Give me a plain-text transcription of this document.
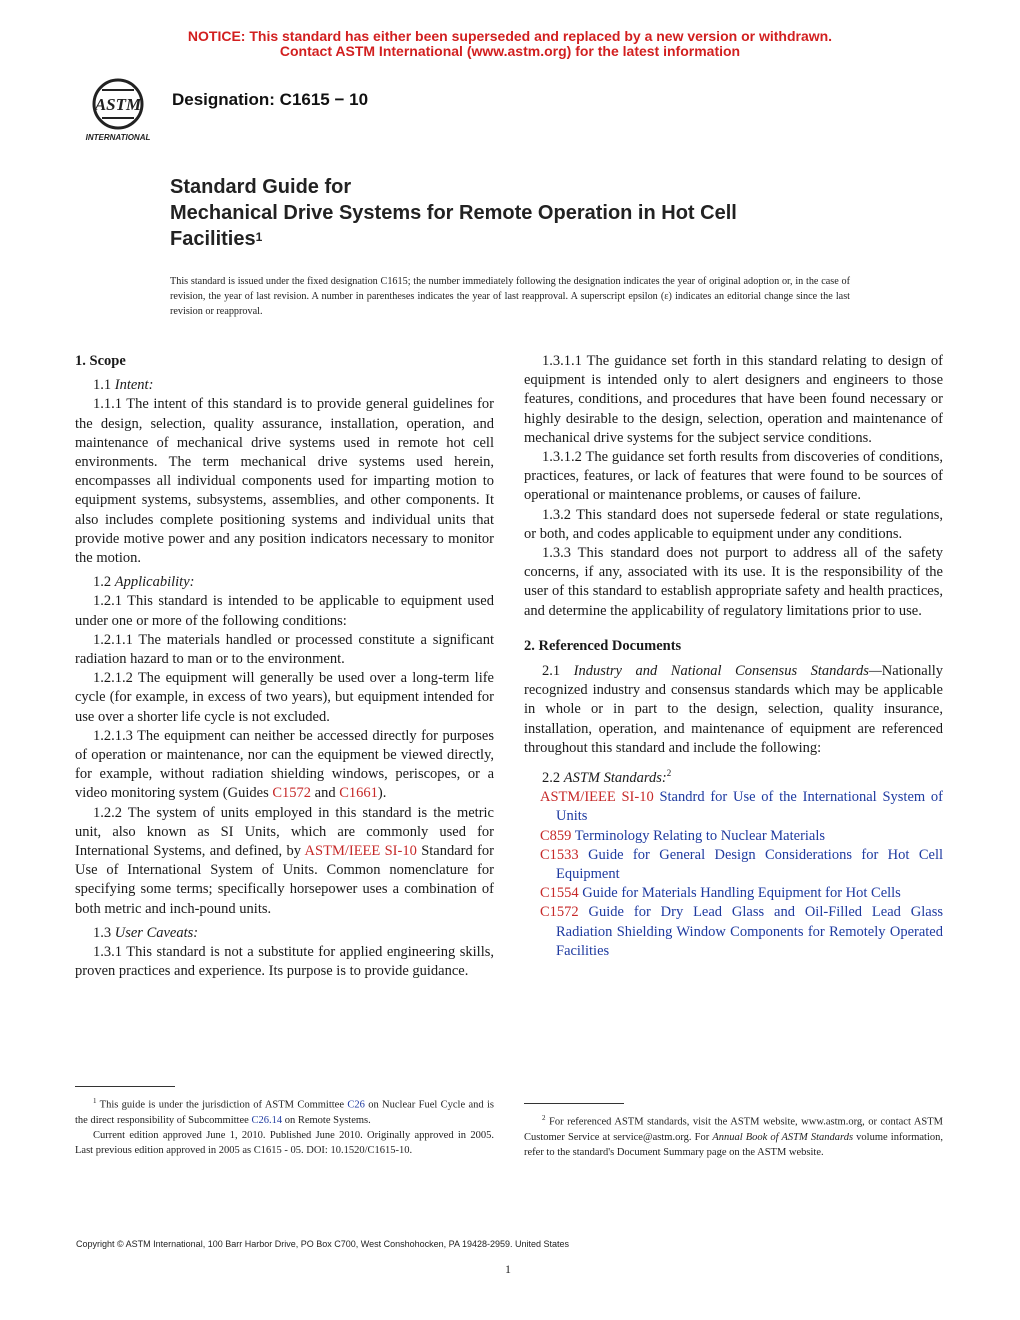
NOTICE: This standard has either been superseded and replaced by a new version or withdrawn.
Contact ASTM International (www.astm.org) for the latest information
ASTM
INTERNATIONAL
Designation: C1615 − 10
Standard Guide for
Mechanical Drive Systems for Remote Operation in Hot Cell
Facilities$^1$
This standard is issued under the fixed designation C1615; the number immediately following the designation indicates the year of original adoption or, in the case of revision, the year of last revision. A number in parentheses indicates the year of last reapproval. A superscript epsilon (ε) indicates an editorial change since the last revision or reapproval.

1. Scope

1.1 Intent:

1.1.1 The intent of this standard is to provide general guidelines for the design, selection, quality assurance, installation, operation, and maintenance of mechanical drive systems used in remote hot cell environments. The term mechanical drive systems used herein, encompasses all individual components used for imparting motion to equipment systems, subsystems, assemblies, and other components. It also includes complete positioning systems and individual units that provide motive power and any position indicators necessary to monitor the motion.

1.2 Applicability:

1.2.1 This standard is intended to be applicable to equipment used under one or more of the following conditions:

1.2.1.1 The materials handled or processed constitute a significant radiation hazard to man or to the environment.

1.2.1.2 The equipment will generally be used over a long-term life cycle (for example, in excess of two years), but equipment intended for use over a shorter life cycle is not excluded.

1.2.1.3 The equipment can neither be accessed directly for purposes of operation or maintenance, nor can the equipment be viewed directly, for example, without radiation shielding windows, periscopes, or a video monitoring system (Guides C1572 and C1661).

1.2.2 The system of units employed in this standard is the metric unit, also known as SI Units, which are commonly used for International Systems, and defined, by ASTM/IEEE SI-10 Standard for Use of International System of Units. Common nomenclature for specifying some terms; specifically horsepower uses a combination of both metric and inch-pound units.

1.3 User Caveats:

1.3.1 This standard is not a substitute for applied engineering skills, proven practices and experience. Its purpose is to provide guidance.

1.3.1.1 The guidance set forth in this standard relating to design of equipment is intended only to alert designers and engineers to those features, conditions, and procedures that have been found necessary or highly desirable to the design, selection, operation and maintenance of mechanical drive systems for the subject service conditions.

1.3.1.2 The guidance set forth results from discoveries of conditions, practices, features, or lack of features that were found to be sources of operational or maintenance problems, or causes of failure.

1.3.2 This standard does not supersede federal or state regulations, or both, and codes applicable to equipment under any conditions.

1.3.3 This standard does not purport to address all of the safety concerns, if any, associated with its use. It is the responsibility of the user of this standard to establish appropriate safety and health practices, and determine the applicability of regulatory limitations prior to use.

2. Referenced Documents

2.1 Industry and National Consensus Standards—Nationally recognized industry and consensus standards which may be applicable in whole or in part to the design, selection, quality insurance, installation, operation, and maintenance of equipment are referenced throughout this standard and include the following:

2.2 ASTM Standards:$^2$

ASTM/IEEE SI-10 Standrd for Use of the International System of Units

C859 Terminology Relating to Nuclear Materials

C1533 Guide for General Design Considerations for Hot Cell Equipment

C1554 Guide for Materials Handling Equipment for Hot Cells

C1572 Guide for Dry Lead Glass and Oil-Filled Lead Glass Radiation Shielding Window Components for Remotely Operated Facilities

$^1$ This guide is under the jurisdiction of ASTM Committee C26 on Nuclear Fuel Cycle and is the direct responsibility of Subcommittee C26.14 on Remote Systems.

Current edition approved June 1, 2010. Published June 2010. Originally approved in 2005. Last previous edition approved in 2005 as C1615 - 05. DOI: 10.1520/C1615-10.

$^2$ For referenced ASTM standards, visit the ASTM website, www.astm.org, or contact ASTM Customer Service at service@astm.org. For Annual Book of ASTM Standards volume information, refer to the standard's Document Summary page on the ASTM website.

Copyright © ASTM International, 100 Barr Harbor Drive, PO Box C700, West Conshohocken, PA 19428-2959. United States
1
